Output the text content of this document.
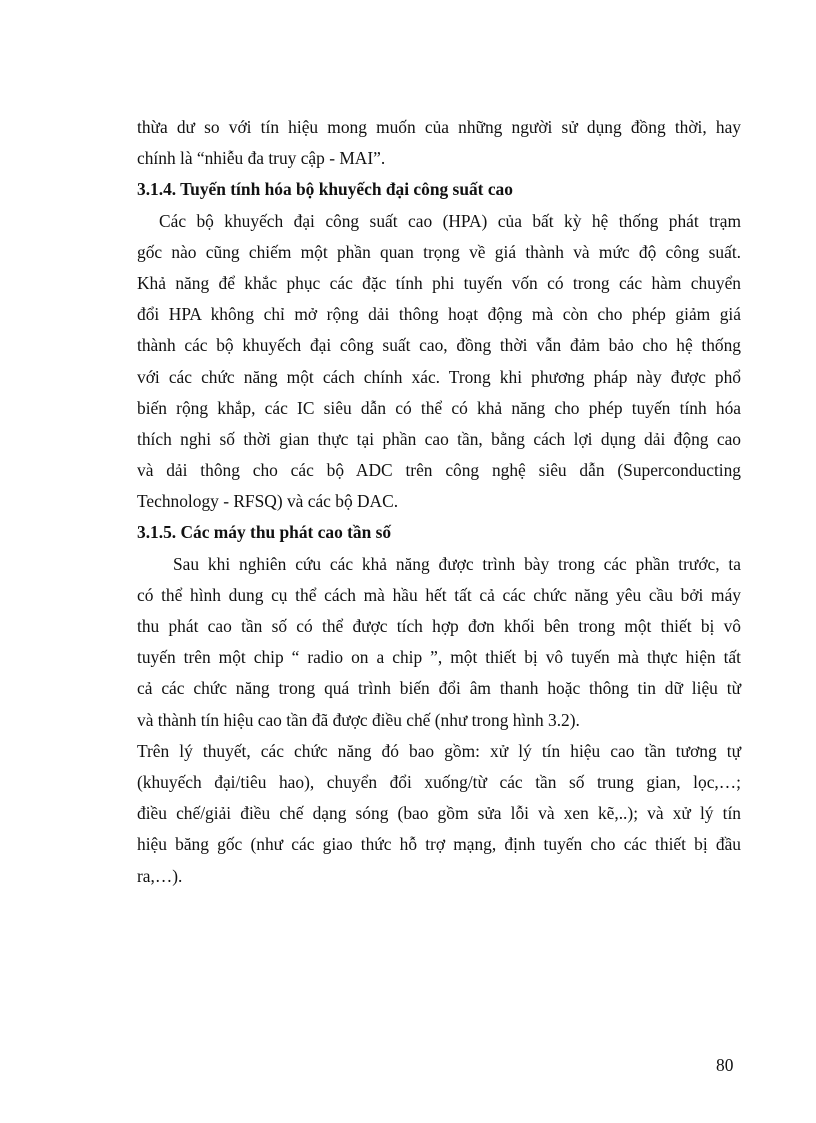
thừa dư so với tín hiệu mong muốn của những người sử dụng đồng thời, hay
chính là “nhiễu đa truy cập - MAI”.
3.1.4. Tuyến tính hóa bộ khuyếch đại công suất cao
Các bộ khuyếch đại công suất cao (HPA) của bất kỳ hệ thống phát trạm
gốc nào cũng chiếm một phần quan trọng về giá thành và mức độ công suất.
Khả năng để khắc phục các đặc tính phi tuyến vốn có trong các hàm chuyển
đổi HPA không chỉ mở rộng dải thông hoạt động mà còn cho phép giảm giá
thành các bộ khuyếch đại công suất cao, đồng thời vẫn đảm bảo cho hệ thống
với các chức năng một cách chính xác. Trong khi phương pháp này được phổ
biến rộng khắp, các IC siêu dẫn có thể có khả năng cho phép tuyến tính hóa
thích nghi số thời gian thực tại phần cao tần, bằng cách lợi dụng dải động cao
và dải thông cho các bộ ADC trên công nghệ siêu dẫn (Superconducting
Technology - RFSQ) và các bộ DAC.
3.1.5. Các máy thu phát cao tần số
Sau khi nghiên cứu các khả năng được trình bày trong các phần trước, ta
có thể hình dung cụ thể cách mà hầu hết tất cả các chức năng yêu cầu bởi máy
thu phát cao tần số có thể được tích hợp đơn khối bên trong một thiết bị vô
tuyến trên một chip “ radio on a chip ”, một thiết bị vô tuyến mà thực hiện tất
cả các chức năng trong quá trình biến đổi âm thanh hoặc thông tin dữ liệu từ
và thành tín hiệu cao tần đã được điều chế (như trong hình 3.2).
Trên lý thuyết, các chức năng đó bao gồm: xử lý tín hiệu cao tần tương tự
(khuyếch đại/tiêu hao), chuyển đổi xuống/từ các tần số trung gian, lọc,…;
điều chế/giải điều chế dạng sóng (bao gồm sửa lỗi và xen kẽ,..); và xử lý tín
hiệu băng gốc (như các giao thức hỗ trợ mạng, định tuyến cho các thiết bị đầu
ra,…).
80
